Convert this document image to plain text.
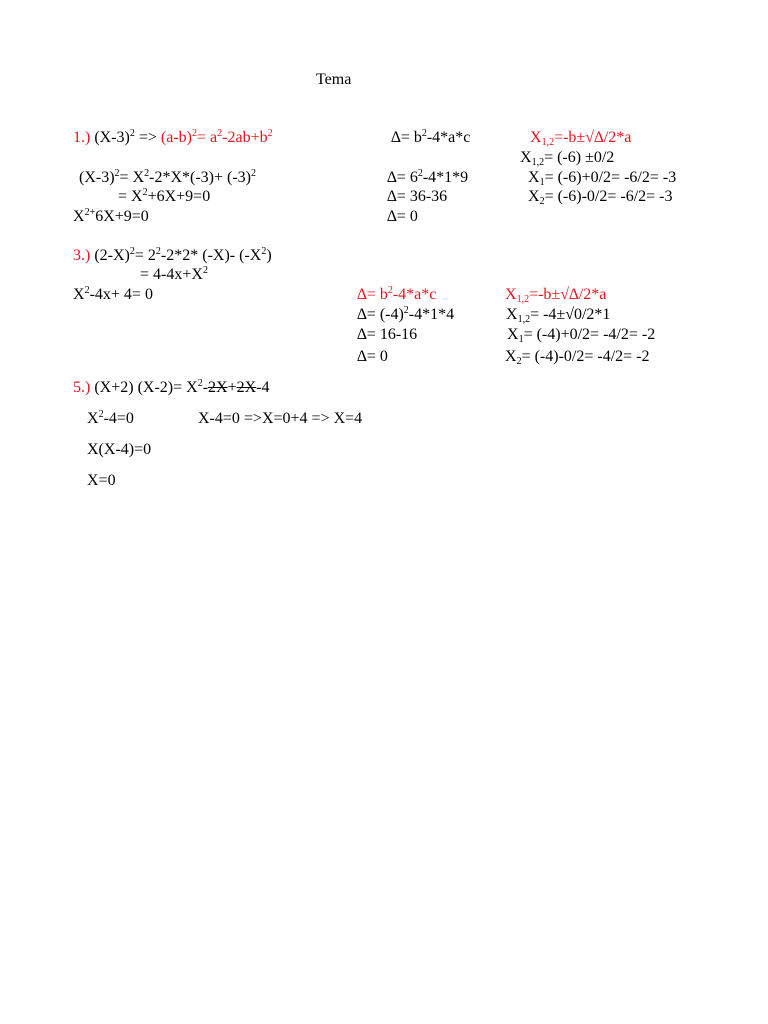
Tema
1.) $(X-3)^2 => (a-b)^2= a^2-2ab+b^2$
$(X-3)^2= X^2-2*X*(-3)+ (-3)^2$
= $X^2+6X+9=0$
$X^{2+}6X+9=0$
∆= $b^2-4*a*c$
∆= $6^2-4*1*9$
∆= 36-36
∆= 0
$X_{1,2}=-b\pm√\Delta/2*a$
$X_{1,2}= (-6) \pm 0/2$
$X_1= (-6)+0/2= -6/2= -3$
$X_2= (-6)-0/2= -6/2= -3$
3.) $(2-X)^2= 2^2-2*2*$ (-X)- $(-X^2)$
= $4-4x+X^2$
$X^2-4x+ 4= 0$	∆= $b^2-4*a*c$
∆= $(-4)^2-4*1*4$
∆= 16-16
∆= 0
$X_{1,2}=-b\pm√\Delta/2*a$
$X_{1,2}= -4\pm√0/2*1$
$X_1= (-4)+0/2= -4/2= -2$
$X_2= (-4)-0/2= -4/2= -2$
5.) (X+2) $(X-2)= X^2-2X+2X-4$
$X^2-4=0$	X-4=0 =>X=0+4 => X=4
X(X-4)=0
X=0
